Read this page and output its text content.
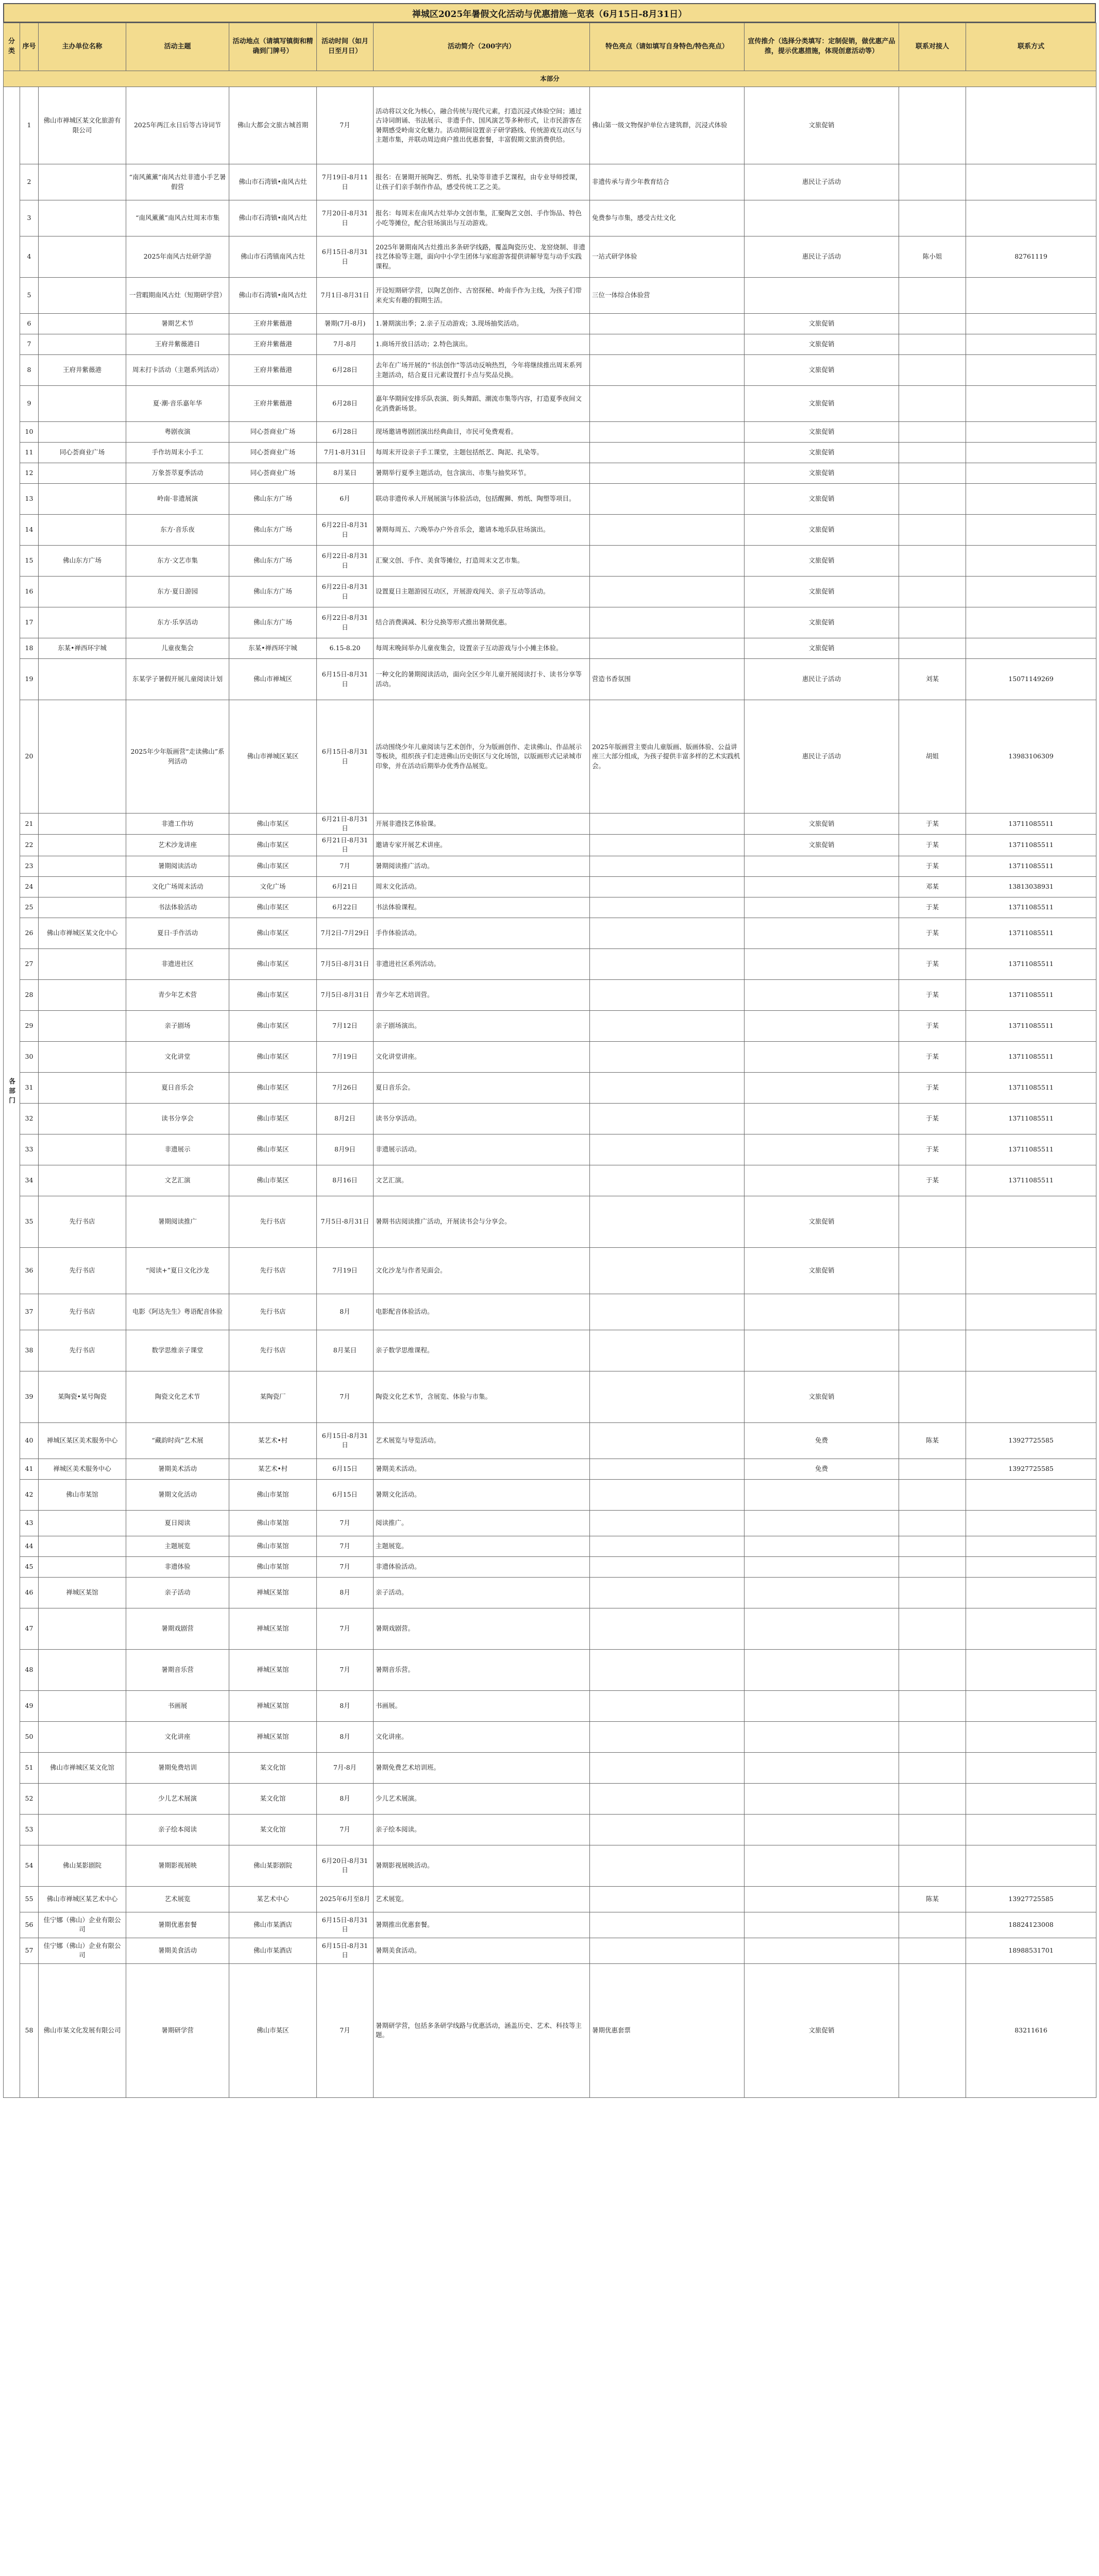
禅城区2025年暑假文化活动与优惠措施一览表（6月15日-8月31日）
分类	序号	主办单位名称	活动主题	活动地点（请填写镇街和精确到门牌号）	活动时间（如月日至月日）	活动简介（200字内）	特色亮点（请如填写自身特色/特色亮点）	宣传推介（选择分类填写：定制促销，做优惠产品推，提示优惠措施，体现创意活动等）	联系对接人	联系方式
本部分										
各部门	1	佛山市禅城区某文化旅游有限公司	2025年两江永日后等古诗词节	佛山大都会文旅古城首期	7月	活动将以文化为核心，融合传统与现代元素，打造沉浸式体验空间；通过古诗词朗诵、书法展示、非遗手作、国风演艺等多种形式，让市民游客在暑期感受岭南文化魅力。活动期间设置亲子研学路线、传统游戏互动区与主题市集，并联动周边商户推出优惠套餐，丰富假期文旅消费供给。	佛山第一级文物保护单位古建筑群，沉浸式体验	文旅促销		
	2		“南风薰薰”南风古灶非遗小手艺暑假营	佛山市石湾镇•南风古灶	7月19日-8月11日	报名：在暑期开展陶艺、剪纸、扎染等非遗手艺课程，由专业导师授课，让孩子们亲手制作作品，感受传统工艺之美。	非遗传承与青少年教育结合	惠民让子活动		
	3		“南风薰薰”南风古灶周末市集	佛山市石湾镇•南风古灶	7月20日-8月31日	报名：每周末在南风古灶举办文创市集，汇聚陶艺文创、手作饰品、特色小吃等摊位，配合驻场演出与互动游戏。	免费参与市集，感受古灶文化			
	4		2025年南风古灶研学游	佛山市石湾镇南风古灶	6月15日-8月31日	2025年暑期南风古灶推出多条研学线路，覆盖陶瓷历史、龙窑烧制、非遗技艺体验等主题，面向中小学生团体与家庭游客提供讲解导览与动手实践课程。	一站式研学体验	惠民让子活动	陈小姐	82761119
	5		一营暇期南风古灶（短期研学营）	佛山市石湾镇•南风古灶	7月1日-8月31日	开设短期研学营，以陶艺创作、古窑探秘、岭南手作为主线，为孩子们带来充实有趣的假期生活。	三位一体综合体验营			
	6		暑期艺术节	王府井紫薇港	暑期(7月-8月)	1.暑期演出季；2.亲子互动游戏；3.现场抽奖活动。		文旅促销		
	7		王府井紫薇港日	王府井紫薇港	7月-8月	1.商场开放日活动；2.特色演出。		文旅促销		
	8	王府井紫薇港	周末打卡活动（主题系列活动）	王府井紫薇港	6月28日	去年在广场开展的“书法创作”等活动反响热烈，今年将继续推出周末系列主题活动，结合夏日元素设置打卡点与奖品兑换。		文旅促销		
	9		夏·潮·音乐嘉年华	王府井紫薇港	6月28日	嘉年华期间安排乐队表演、街头舞蹈、潮流市集等内容，打造夏季夜间文化消费新场景。		文旅促销		
	10		粤剧夜演	同心荟商业广场	6月28日	现场邀请粤剧团演出经典曲目，市民可免费观看。		文旅促销		
	11	同心荟商业广场	手作坊周末小手工	同心荟商业广场	7月1-8月31日	每周末开设亲子手工课堂，主题包括纸艺、陶泥、扎染等。		文旅促销		
	12		万象荟萃夏季活动	同心荟商业广场	8月某日	暑期举行夏季主题活动，包含演出、市集与抽奖环节。		文旅促销		
	13		岭南·非遗展演	佛山东方广场	6月	联动非遗传承人开展展演与体验活动，包括醒狮、剪纸、陶塑等项目。		文旅促销		
	14		东方·音乐夜	佛山东方广场	6月22日-8月31日	暑期每周五、六晚举办户外音乐会，邀请本地乐队驻场演出。		文旅促销		
	15	佛山东方广场	东方·文艺市集	佛山东方广场	6月22日-8月31日	汇聚文创、手作、美食等摊位，打造周末文艺市集。		文旅促销		
	16		东方·夏日游园	佛山东方广场	6月22日-8月31日	设置夏日主题游园互动区，开展游戏闯关、亲子互动等活动。		文旅促销		
	17		东方·乐享活动	佛山东方广场	6月22日-8月31日	结合消费满减、积分兑换等形式推出暑期优惠。		文旅促销		
	18	东某•禅西环宇城	儿童夜集会	东某•禅西环宇城	6.15-8.20	每周末晚间举办儿童夜集会，设置亲子互动游戏与小小摊主体验。		文旅促销		
	19		东某学子暑假开展儿童阅读计划	佛山市禅城区	6月15日-8月31日	一种文化的暑期阅读活动，面向全区少年儿童开展阅读打卡、读书分享等活动。	营造书香氛围	惠民让子活动	刘某	15071149269
	20		2025年少年版画营“走读佛山”系列活动	佛山市禅城区某区	6月15日-8月31日	活动围绕少年儿童阅读与艺术创作，分为版画创作、走读佛山、作品展示等板块，组织孩子们走进佛山历史街区与文化场馆，以版画形式记录城市印象，并在活动后期举办优秀作品展览。	2025年版画营主要由儿童版画、版画体验、公益讲座三大部分组成，为孩子提供丰富多样的艺术实践机会。	惠民让子活动	胡姐	13983106309
	21		非遗工作坊	佛山市某区	6月21日-8月31日	开展非遗技艺体验课。		文旅促销	于某	13711085511
	22		艺术沙龙讲座	佛山市某区	6月21日-8月31日	邀请专家开展艺术讲座。		文旅促销	于某	13711085511
	23		暑期阅读活动	佛山市某区	7月	暑期阅读推广活动。			于某	13711085511
	24		文化广场周末活动	文化广场	6月21日	周末文化活动。			邓某	13813038931
	25		书法体验活动	佛山市某区	6月22日	书法体验课程。			于某	13711085511
	26	佛山市禅城区某文化中心	夏日·手作活动	佛山市某区	7月2日-7月29日	手作体验活动。			于某	13711085511
	27		非遗进社区	佛山市某区	7月5日-8月31日	非遗进社区系列活动。			于某	13711085511
	28		青少年艺术营	佛山市某区	7月5日-8月31日	青少年艺术培训营。			于某	13711085511
	29		亲子剧场	佛山市某区	7月12日	亲子剧场演出。			于某	13711085511
	30		文化讲堂	佛山市某区	7月19日	文化讲堂讲座。			于某	13711085511
	31		夏日音乐会	佛山市某区	7月26日	夏日音乐会。			于某	13711085511
	32		读书分享会	佛山市某区	8月2日	读书分享活动。			于某	13711085511
	33		非遗展示	佛山市某区	8月9日	非遗展示活动。			于某	13711085511
	34		文艺汇演	佛山市某区	8月16日	文艺汇演。			于某	13711085511
	35	先行书店	暑期阅读推广	先行书店	7月5日-8月31日	暑期书店阅读推广活动，开展读书会与分享会。		文旅促销		
	36	先行书店	“阅读+”夏日文化沙龙	先行书店	7月19日	文化沙龙与作者见面会。		文旅促销		
	37	先行书店	电影《阿达先生》粤语配音体验	先行书店	8月	电影配音体验活动。				
	38	先行书店	数学思维亲子课堂	先行书店	8月某日	亲子数学思维课程。				
	39	某陶瓷•某号陶瓷	陶瓷文化艺术节	某陶瓷厂	7月	陶瓷文化艺术节，含展览、体验与市集。		文旅促销		
	40	禅城区某区美术服务中心	“藏韵时尚”艺术展	某艺术•村	6月15日-8月31日	艺术展览与导览活动。		免费	陈某	13927725585
	41	禅城区美术服务中心	暑期美术活动	某艺术•村	6月15日	暑期美术活动。		免费		13927725585
	42	佛山市某馆	暑期文化活动	佛山市某馆	6月15日	暑期文化活动。				
	43		夏日阅读	佛山市某馆	7月	阅读推广。				
	44		主题展览	佛山市某馆	7月	主题展览。				
	45		非遗体验	佛山市某馆	7月	非遗体验活动。				
	46	禅城区某馆	亲子活动	禅城区某馆	8月	亲子活动。				
	47		暑期戏剧营	禅城区某馆	7月	暑期戏剧营。				
	48		暑期音乐营	禅城区某馆	7月	暑期音乐营。				
	49		书画展	禅城区某馆	8月	书画展。				
	50		文化讲座	禅城区某馆	8月	文化讲座。				
	51	佛山市禅城区某文化馆	暑期免费培训	某文化馆	7月-8月	暑期免费艺术培训班。				
	52		少儿艺术展演	某文化馆	8月	少儿艺术展演。				
	53		亲子绘本阅读	某文化馆	7月	亲子绘本阅读。				
	54	佛山某影剧院	暑期影视展映	佛山某影剧院	6月20日-8月31日	暑期影视展映活动。				
	55	佛山市禅城区某艺术中心	艺术展览	某艺术中心	2025年6月至8月	艺术展览。			陈某	13927725585
	56	佳宁娜（佛山）企业有限公司	暑期优惠套餐	佛山市某酒店	6月15日-8月31日	暑期推出优惠套餐。				18824123008
	57	佳宁娜（佛山）企业有限公司	暑期美食活动	佛山市某酒店	6月15日-8月31日	暑期美食活动。				18988531701
	58	佛山市某文化发展有限公司	暑期研学营	佛山市某区	7月	暑期研学营，包括多条研学线路与优惠活动，涵盖历史、艺术、科技等主题。	暑期优惠套票	文旅促销		83211616
